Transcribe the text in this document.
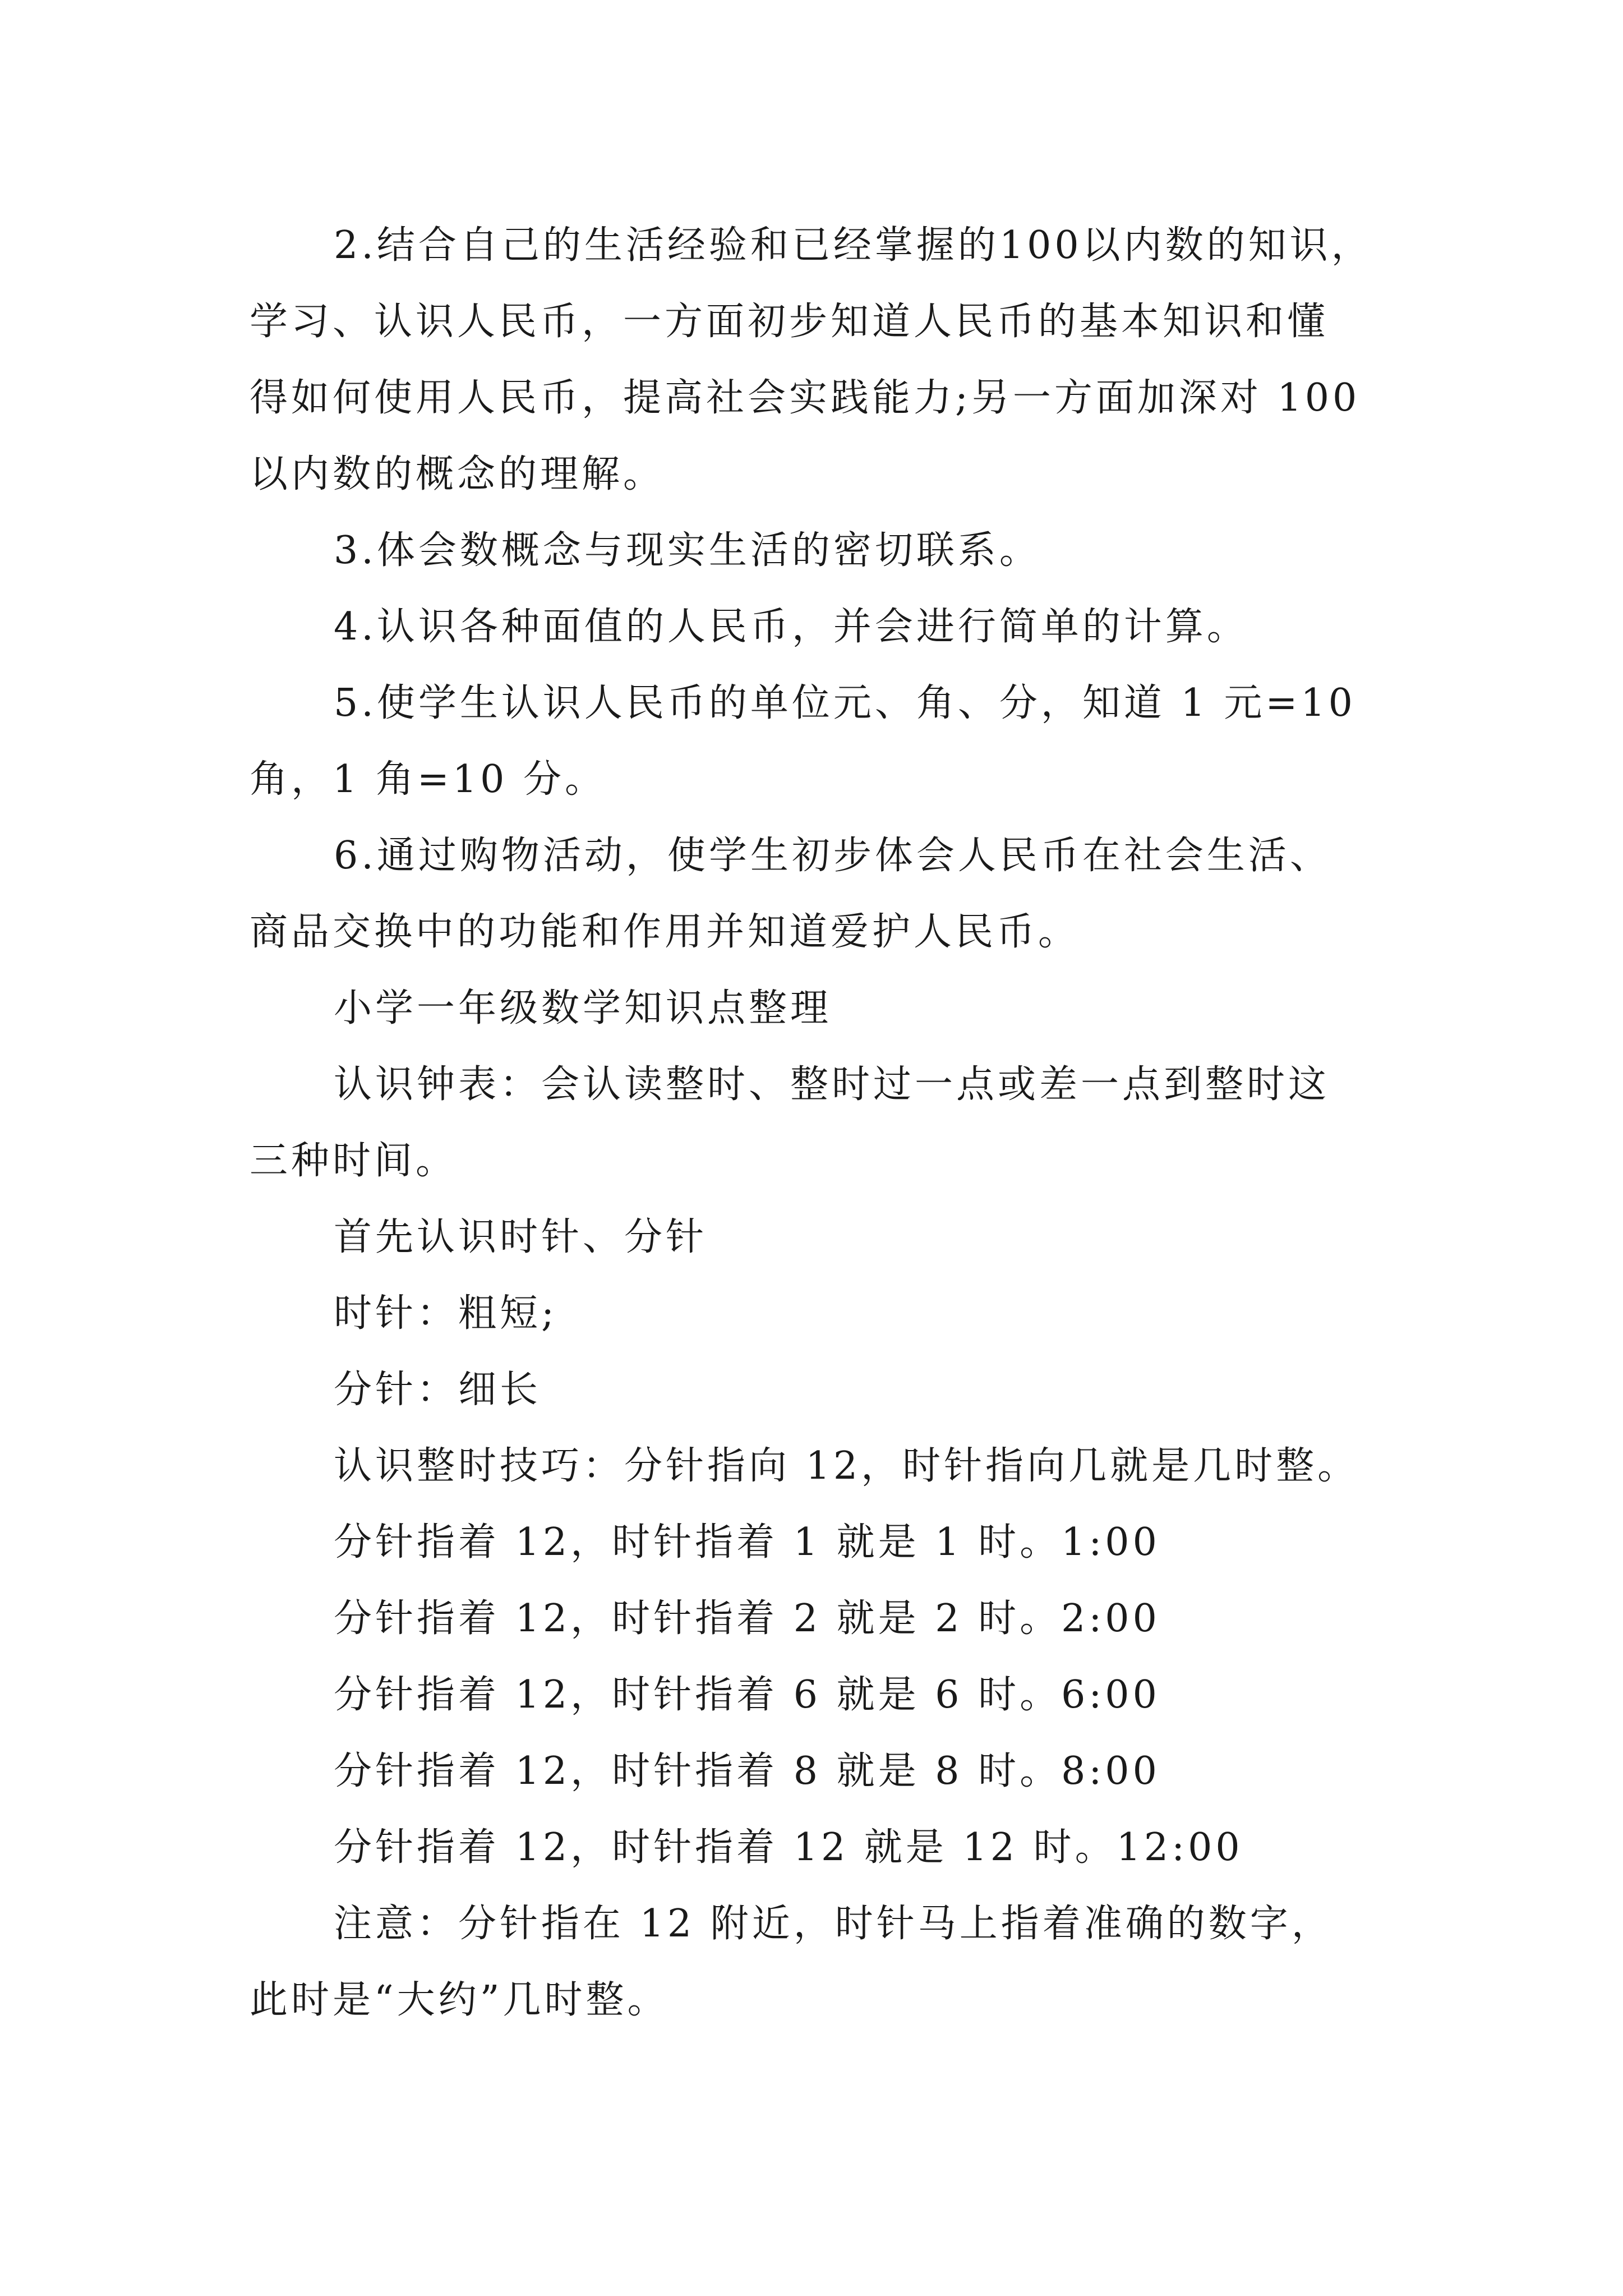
2.结合自己的生活经验和已经掌握的100以内数的知识，
学习、认识人民币，一方面初步知道人民币的基本知识和懂
得如何使用人民币，提高社会实践能力;另一方面加深对 100
以内数的概念的理解。
3.体会数概念与现实生活的密切联系。
4.认识各种面值的人民币，并会进行简单的计算。
5.使学生认识人民币的单位元、角、分，知道 1 元=10
角，1 角=10 分。
6.通过购物活动，使学生初步体会人民币在社会生活、
商品交换中的功能和作用并知道爱护人民币。
小学一年级数学知识点整理
认识钟表：会认读整时、整时过一点或差一点到整时这
三种时间。
首先认识时针、分针
时针：粗短;
分针：细长
认识整时技巧：分针指向 12，时针指向几就是几时整。
分针指着 12，时针指着 1 就是 1 时。1:00
分针指着 12，时针指着 2 就是 2 时。2:00
分针指着 12，时针指着 6 就是 6 时。6:00
分针指着 12，时针指着 8 就是 8 时。8:00
分针指着 12，时针指着 12 就是 12 时。12:00
注意：分针指在 12 附近，时针马上指着准确的数字，
此时是“大约”几时整。
